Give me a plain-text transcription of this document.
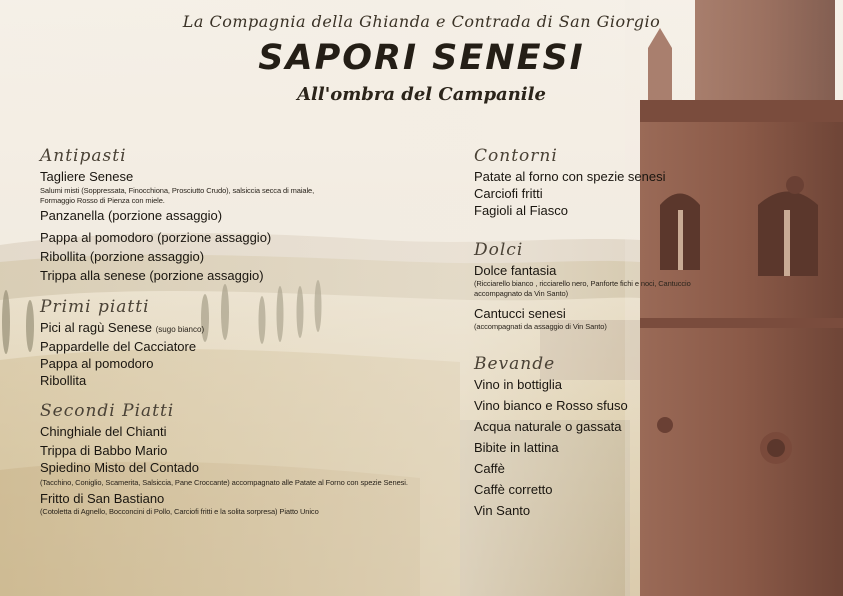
La Compagnia della Ghianda e Contrada di San Giorgio
SAPORI SENESI
All'ombra del Campanile
Antipasti
Tagliere Senese
Salumi misti (Soppressata, Finocchiona, Prosciutto Crudo), salsiccia secca di maiale,
Formaggio Rosso di Pienza con miele.
Panzanella (porzione assaggio)
Pappa al pomodoro (porzione assaggio)
Ribollita (porzione assaggio)
Trippa alla senese (porzione assaggio)
Primi piatti
Pici al ragù Senese (sugo bianco)
Pappardelle del Cacciatore
Pappa al pomodoro
Ribollita
Secondi Piatti
Chinghiale del Chianti
Trippa di Babbo Mario
Spiedino Misto del Contado
(Tacchino, Coniglio, Scamerita, Salsiccia, Pane Croccante) accompagnato alle Patate al Forno con spezie Senesi.
Fritto di San Bastiano
(Cotoletta di Agnello, Bocconcini di Pollo, Carciofi fritti e la solita sorpresa) Piatto Unico
Contorni
Patate al forno con spezie senesi
Carciofi fritti
Fagioli al Fiasco
Dolci
Dolce fantasia
(Ricciarello bianco , ricciarello nero, Panforte fichi e noci, Cantuccio
accompagnato da Vin Santo)
Cantucci senesi
(accompagnati da assaggio di Vin Santo)
Bevande
Vino in bottiglia
Vino bianco e Rosso sfuso
Acqua naturale o gassata
Bibite in lattina
Caffè
Caffè corretto
Vin Santo
